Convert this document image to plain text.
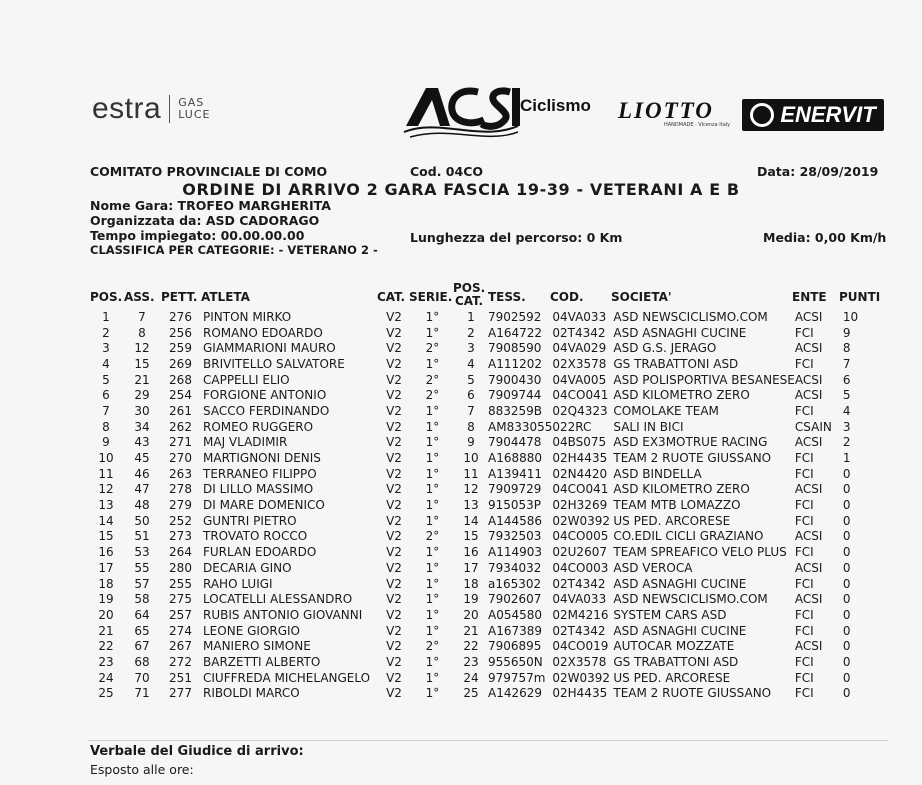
estra GAS
LUCE	Ciclismo LIOTTO
HANDMADE · Vicenza Italy ENERVIT
COMITATO PROVINCIALE DI COMO	Cod. 04CO	Data: 28/09/2019
ORDINE DI ARRIVO 2 GARA FASCIA 19-39 - VETERANI A E B
Nome Gara: TROFEO MARGHERITA
Organizzata da: ASD CADORAGO
Tempo impiegato: 00.00.00.00	Lunghezza del percorso: 0 Km	Media: 0,00 Km/h
CLASSIFICA PER CATEGORIE: - VETERANO 2 -
POS. ASS. PETT. ATLETA	CAT. SERIE.
POS.
CAT. TESS. COD. SOCIETA'	ENTE PUNTI
1	7	276	PINTON MIRKO	V2	1°	1	7902592	04VA033	ASD NEWSCICLISMO.COM	ACSI	10
2	8	256	ROMANO EDOARDO	V2	1°	2	A164722	02T4342	ASD ASNAGHI CUCINE	FCI	9
3	12	259	GIAMMARIONI MAURO	V2	2°	3	7908590	04VA029	ASD G.S. JERAGO	ACSI	8
4	15	269	BRIVITELLO SALVATORE	V2	1°	4	A111202	02X3578	GS TRABATTONI ASD	FCI	7
5	21	268	CAPPELLI ELIO	V2	2°	5	7900430	04VA005	ASD POLISPORTIVA BESANESE	ACSI	6
6	29	254	FORGIONE ANTONIO	V2	2°	6	7909744	04CO041	ASD KILOMETRO ZERO	ACSI	5
7	30	261	SACCO FERDINANDO	V2	1°	7	883259B	02Q4323	COMOLAKE TEAM	FCI	4
8	34	262	ROMEO RUGGERO	V2	1°	8	AM833055	022RC	SALI IN BICI	CSAIN	3
9	43	271	MAJ VLADIMIR	V2	1°	9	7904478	04BS075	ASD EX3MOTRUE RACING	ACSI	2
10	45	270	MARTIGNONI DENIS	V2	1°	10	A168880	02H4435	TEAM 2 RUOTE GIUSSANO	FCI	1
11	46	263	TERRANEO FILIPPO	V2	1°	11	A139411	02N4420	ASD BINDELLA	FCI	0
12	47	278	DI LILLO MASSIMO	V2	1°	12	7909729	04CO041	ASD KILOMETRO ZERO	ACSI	0
13	48	279	DI MARE DOMENICO	V2	1°	13	915053P	02H3269	TEAM MTB LOMAZZO	FCI	0
14	50	252	GUNTRI PIETRO	V2	1°	14	A144586	02W0392	US PED. ARCORESE	FCI	0
15	51	273	TROVATO ROCCO	V2	2°	15	7932503	04CO005	CO.EDIL CICLI GRAZIANO	ACSI	0
16	53	264	FURLAN EDOARDO	V2	1°	16	A114903	02U2607	TEAM SPREAFICO VELO PLUS	FCI	0
17	55	280	DECARIA GINO	V2	1°	17	7934032	04CO003	ASD VEROCA	ACSI	0
18	57	255	RAHO LUIGI	V2	1°	18	a165302	02T4342	ASD ASNAGHI CUCINE	FCI	0
19	58	275	LOCATELLI ALESSANDRO	V2	1°	19	7902607	04VA033	ASD NEWSCICLISMO.COM	ACSI	0
20	64	257	RUBIS ANTONIO GIOVANNI	V2	1°	20	A054580	02M4216	SYSTEM CARS ASD	FCI	0
21	65	274	LEONE GIORGIO	V2	1°	21	A167389	02T4342	ASD ASNAGHI CUCINE	FCI	0
22	67	267	MANIERO SIMONE	V2	2°	22	7906895	04CO019	AUTOCAR MOZZATE	ACSI	0
23	68	272	BARZETTI ALBERTO	V2	1°	23	955650N	02X3578	GS TRABATTONI ASD	FCI	0
24	70	251	CIUFFREDA MICHELANGELO	V2	1°	24	979757m	02W0392	US PED. ARCORESE	FCI	0
25	71	277	RIBOLDI MARCO	V2	1°	25	A142629	02H4435	TEAM 2 RUOTE GIUSSANO	FCI	0
Verbale del Giudice di arrivo:
Esposto alle ore:
